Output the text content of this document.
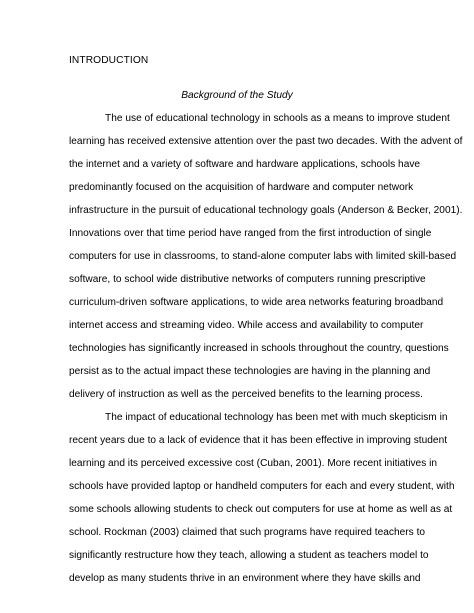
INTRODUCTION
Background of the Study
The use of educational technology in schools as a means to improve student
learning has received extensive attention over the past two decades. With the advent of
the internet and a variety of software and hardware applications, schools have
predominantly focused on the acquisition of hardware and computer network
infrastructure in the pursuit of educational technology goals (Anderson & Becker, 2001).
Innovations over that time period have ranged from the first introduction of single
computers for use in classrooms, to stand-alone computer labs with limited skill-based
software, to school wide distributive networks of computers running prescriptive
curriculum-driven software applications, to wide area networks featuring broadband
internet access and streaming video. While access and availability to computer
technologies has significantly increased in schools throughout the country, questions
persist as to the actual impact these technologies are having in the planning and
delivery of instruction as well as the perceived benefits to the learning process.
The impact of educational technology has been met with much skepticism in
recent years due to a lack of evidence that it has been effective in improving student
learning and its perceived excessive cost (Cuban, 2001). More recent initiatives in
schools have provided laptop or handheld computers for each and every student, with
some schools allowing students to check out computers for use at home as well as at
school. Rockman (2003) claimed that such programs have required teachers to
significantly restructure how they teach, allowing a student as teachers model to
develop as many students thrive in an environment where they have skills and
